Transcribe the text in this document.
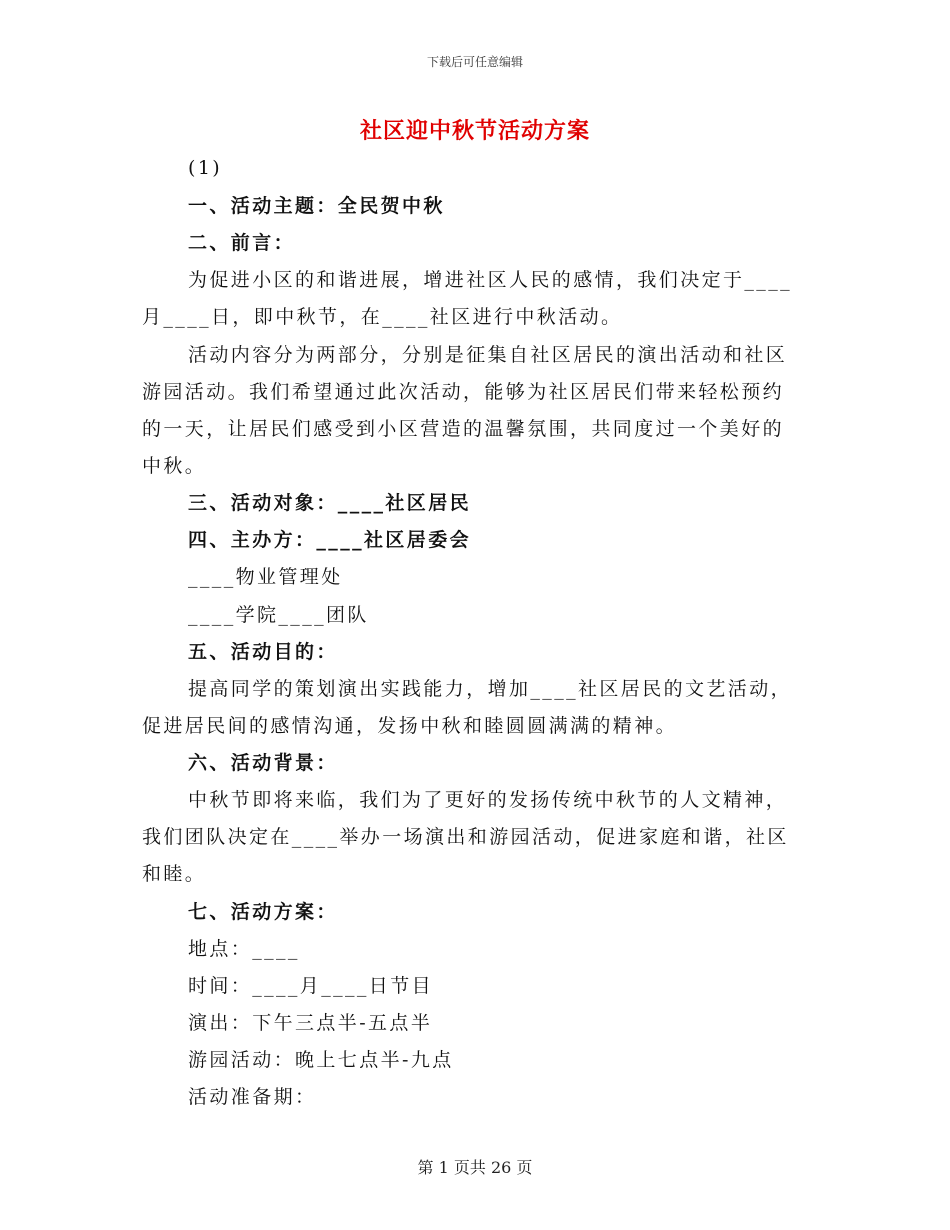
下载后可任意编辑
社区迎中秋节活动方案
(1)
一、活动主题：全民贺中秋
二、前言：
为促进小区的和谐进展，增进社区人民的感情，我们决定于____
月____日，即中秋节，在____社区进行中秋活动。
活动内容分为两部分，分别是征集自社区居民的演出活动和社区
游园活动。我们希望通过此次活动，能够为社区居民们带来轻松预约
的一天，让居民们感受到小区营造的温馨氛围，共同度过一个美好的
中秋。
三、活动对象：____社区居民
四、主办方：____社区居委会
____物业管理处
____学院____团队
五、活动目的：
提高同学的策划演出实践能力，增加____社区居民的文艺活动，
促进居民间的感情沟通，发扬中秋和睦圆圆满满的精神。
六、活动背景：
中秋节即将来临，我们为了更好的发扬传统中秋节的人文精神，
我们团队决定在____举办一场演出和游园活动，促进家庭和谐，社区
和睦。
七、活动方案：
地点：____
时间：____月____日节目
演出：下午三点半-五点半
游园活动：晚上七点半-九点
活动准备期：
第 1 页共 26 页
